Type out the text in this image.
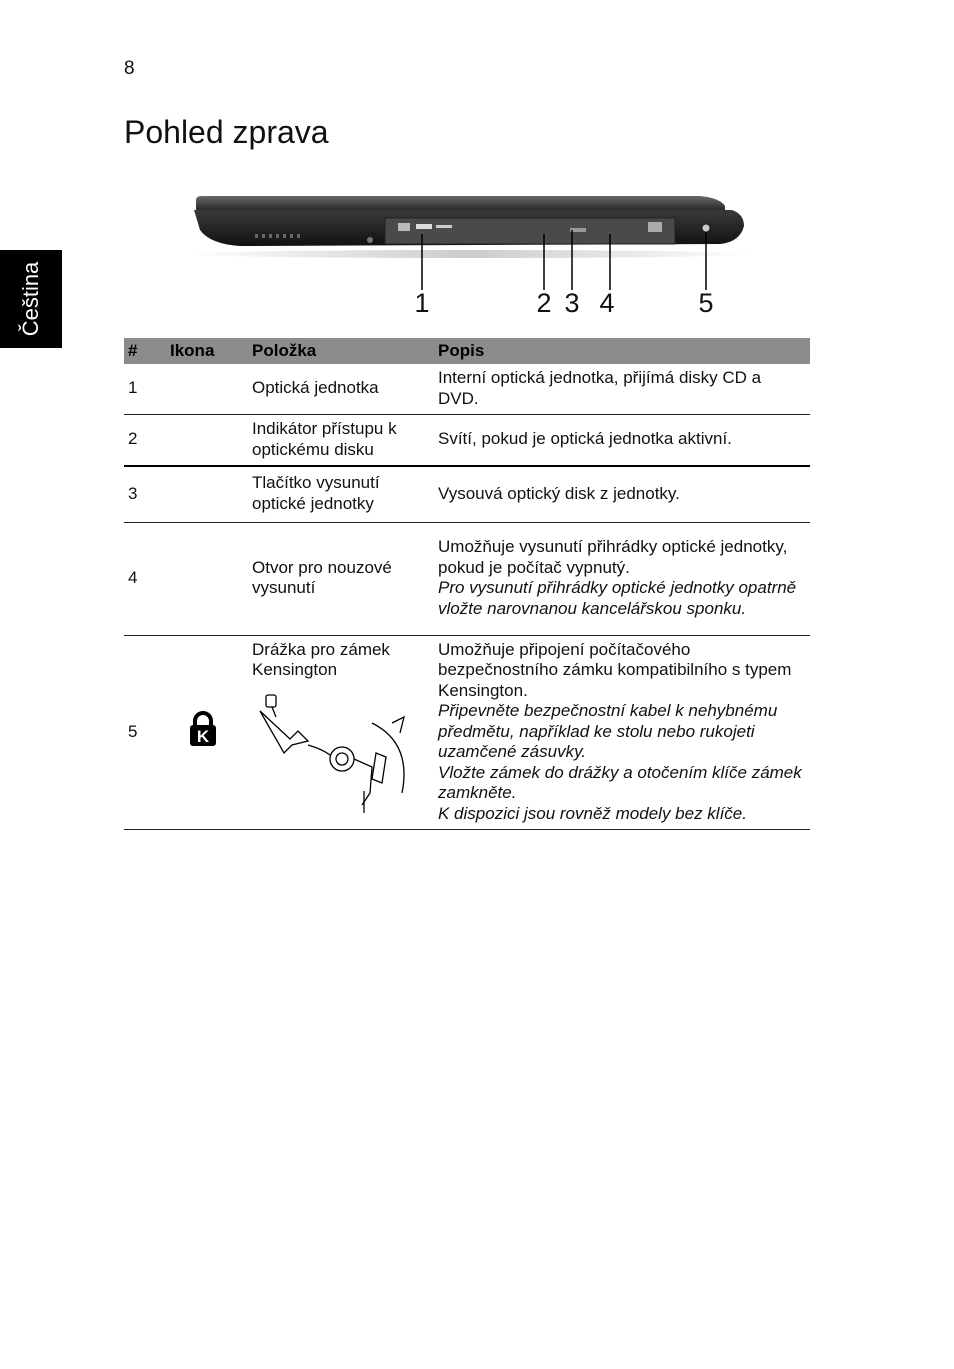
8
Pohled zprava
Čeština	1	2 3 4	5
#	Ikona	Položka	Popis
1		Optická jednotka	Interní optická jednotka, přijímá disky CD a DVD.
2		Indikátor přístupu k optickému disku	Svítí, pokud je optická jednotka aktivní.
3		Tlačítko vysunutí optické jednotky	Vysouvá optický disk z jednotky.
4		Otvor pro nouzové vysunutí	Umožňuje vysunutí přihrádky optické jednotky, pokud je počítač vypnutý.
Pro vysunutí přihrádky optické jednotky opatrně vložte narovnanou kancelářskou sponku.

5	K	Drážka pro zámek Kensington	Umožňuje připojení počítačového bezpečnostního zámku kompatibilního s typem Kensington.
Připevněte bezpečnostní kabel k nehybnému předmětu, například ke stolu nebo rukojeti uzamčené zásuvky.
Vložte zámek do drážky a otočením klíče zámek zamkněte.
K dispozici jsou rovněž modely bez klíče.
